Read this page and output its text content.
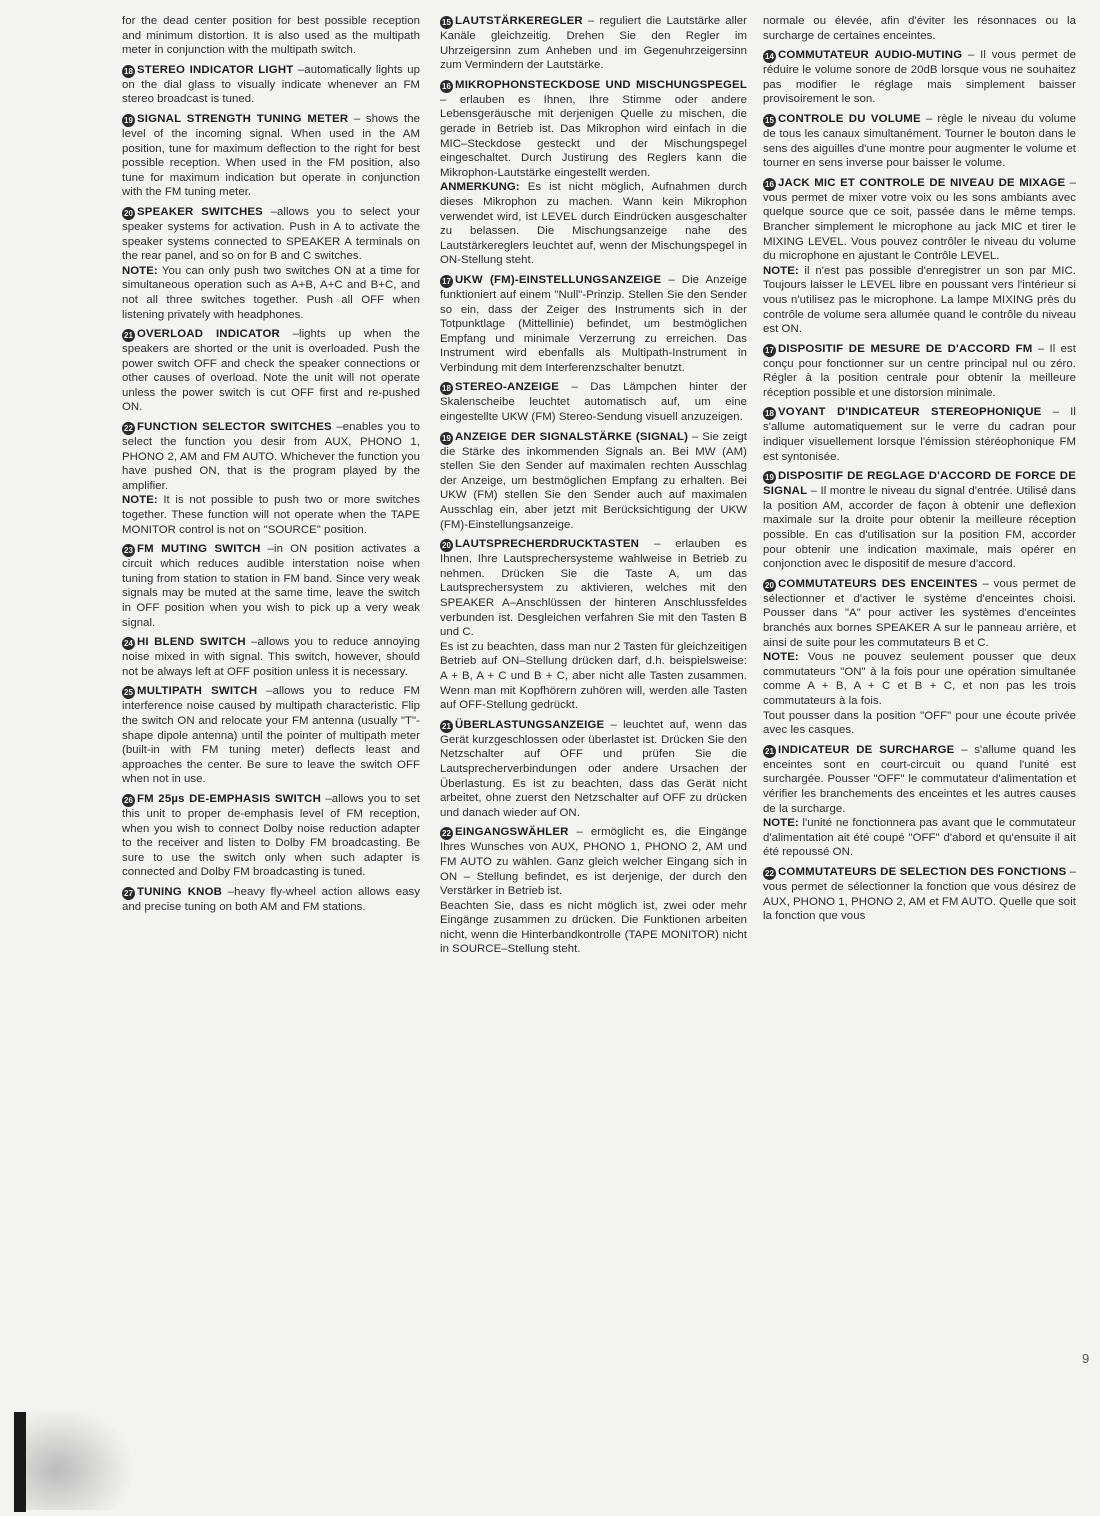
for the dead center position for best possible reception and minimum distortion. It is also used as the multipath meter in conjunction with the multipath switch.

18 STEREO INDICATOR LIGHT –automatically lights up on the dial glass to visually indicate whenever an FM stereo broadcast is tuned.

19 SIGNAL STRENGTH TUNING METER – shows the level of the incoming signal. When used in the AM position, tune for maximum deflection to the right for best possible reception. When used in the FM position, also tune for maximum indication but operate in conjunction with the FM tuning meter.

20 SPEAKER SWITCHES –allows you to select your speaker systems for activation. Push in A to activate the speaker systems connected to SPEAKER A terminals on the rear panel, and so on for B and C switches.

NOTE: You can only push two switches ON at a time for simultaneous operation such as A+B, A+C and B+C, and not all three switches together. Push all OFF when listening privately with headphones.

21 OVERLOAD INDICATOR –lights up when the speakers are shorted or the unit is overloaded. Push the power switch OFF and check the speaker connections or other causes of overload. Note the unit will not operate unless the power switch is cut OFF first and re-pushed ON.

22 FUNCTION SELECTOR SWITCHES –enables you to select the function you desir from AUX, PHONO 1, PHONO 2, AM and FM AUTO. Whichever the function you have pushed ON, that is the program played by the amplifier.

NOTE: It is not possible to push two or more switches together. These function will not operate when the TAPE MONITOR control is not on "SOURCE" position.

23 FM MUTING SWITCH –in ON position activates a circuit which reduces audible interstation noise when tuning from station to station in FM band. Since very weak signals may be muted at the same time, leave the switch in OFF position when you wish to pick up a very weak signal.

24 HI BLEND SWITCH –allows you to reduce annoying noise mixed in with signal. This switch, however, should not be always left at OFF position unless it is necessary.

25 MULTIPATH SWITCH –allows you to reduce FM interference noise caused by multipath characteristic. Flip the switch ON and relocate your FM antenna (usually "T"-shape dipole antenna) until the pointer of multipath meter (built-in with FM tuning meter) deflects least and approaches the center. Be sure to leave the switch OFF when not in use.

26 FM 25µs DE-EMPHASIS SWITCH –allows you to set this unit to proper de-emphasis level of FM reception, when you wish to connect Dolby noise reduction adapter to the receiver and listen to Dolby FM broadcasting. Be sure to use the switch only when such adapter is connected and Dolby FM broadcasting is tuned.

27 TUNING KNOB –heavy fly-wheel action allows easy and precise tuning on both AM and FM stations.

15 LAUTSTÄRKEREGLER – reguliert die Lautstärke aller Kanäle gleichzeitig. Drehen Sie den Regler im Uhrzeigersinn zum Anheben und im Gegenuhrzeigersinn zum Vermindern der Lautstärke.

16 MIKROPHONSTECKDOSE UND MISCHUNGSPEGEL – erlauben es Ihnen, Ihre Stimme oder andere Lebensgeräusche mit derjenigen Quelle zu mischen, die gerade in Betrieb ist. Das Mikrophon wird einfach in die MIC–Steckdose gesteckt und der Mischungspegel eingeschaltet. Durch Justirung des Reglers kann die Mikrophon-Lautstärke eingestellt werden.

ANMERKUNG: Es ist nicht möglich, Aufnahmen durch dieses Mikrophon zu machen. Wann kein Mikrophon verwendet wird, ist LEVEL durch Eindrücken ausgeschalter zu belassen. Die Mischungsanzeige nahe des Lautstärkereglers leuchtet auf, wenn der Mischungspegel in ON-Stellung steht.

17 UKW (FM)-EINSTELLUNGSANZEIGE – Die Anzeige funktioniert auf einem "Null"-Prinzip. Stellen Sie den Sender so ein, dass der Zeiger des Instruments sich in der Totpunktlage (Mittellinie) befindet, um bestmöglichen Empfang und minimale Verzerrung zu erreichen. Das Instrument wird ebenfalls als Multipath-Instrument in Verbindung mit dem Interferenzschalter benutzt.

18 STEREO-ANZEIGE – Das Lämpchen hinter der Skalenscheibe leuchtet automatisch auf, um eine eingestellte UKW (FM) Stereo-Sendung visuell anzuzeigen.

19 ANZEIGE DER SIGNALSTÄRKE (SIGNAL) – Sie zeigt die Stärke des inkommenden Signals an. Bei MW (AM) stellen Sie den Sender auf maximalen rechten Ausschlag der Anzeige, um bestmöglichen Empfang zu erhalten. Bei UKW (FM) stellen Sie den Sender auch auf maximalen Ausschlag ein, aber jetzt mit Berücksichtigung der UKW (FM)-Einstellungsanzeige.

20 LAUTSPRECHERDRUCKTASTEN – erlauben es Ihnen, Ihre Lautsprechersysteme wahlweise in Betrieb zu nehmen. Drücken Sie die Taste A, um das Lautsprechersystem zu aktivieren, welches mit den SPEAKER A–Anschlüssen der hinteren Anschlussfeldes verbunden ist. Desgleichen verfahren Sie mit den Tasten B und C.

Es ist zu beachten, dass man nur 2 Tasten für gleichzeitigen Betrieb auf ON–Stellung drücken darf, d.h. beispielsweise: A + B, A + C und B + C, aber nicht alle Tasten zusammen. Wenn man mit Kopfhörern zuhören will, werden alle Tasten auf OFF-Stellung gedrückt.

21 ÜBERLASTUNGSANZEIGE – leuchtet auf, wenn das Gerät kurzgeschlossen oder überlastet ist. Drücken Sie den Netzschalter auf OFF und prüfen Sie die Lautsprecherverbindungen oder andere Ursachen der Überlastung. Es ist zu beachten, dass das Gerät nicht arbeitet, ohne zuerst den Netzschalter auf OFF zu drücken und danach wieder auf ON.

22 EINGANGSWÄHLER – ermöglicht es, die Eingänge Ihres Wunsches von AUX, PHONO 1, PHONO 2, AM und FM AUTO zu wählen. Ganz gleich welcher Eingang sich in ON – Stellung befindet, es ist derjenige, der durch den Verstärker in Betrieb ist.

Beachten Sie, dass es nicht möglich ist, zwei oder mehr Eingänge zusammen zu drücken. Die Funktionen arbeiten nicht, wenn die Hinterbandkontrolle (TAPE MONITOR) nicht in SOURCE–Stellung steht.

normale ou élevée, afin d'éviter les résonnaces ou la surcharge de certaines enceintes.

14 COMMUTATEUR AUDIO-MUTING – Il vous permet de réduire le volume sonore de 20dB lorsque vous ne souhaitez pas modifier le réglage mais simplement baisser provisoirement le son.

15 CONTROLE DU VOLUME – règle le niveau du volume de tous les canaux simultanément. Tourner le bouton dans le sens des aiguilles d'une montre pour augmenter le volume et tourner en sens inverse pour baisser le volume.

16 JACK MIC ET CONTROLE DE NIVEAU DE MIXAGE – vous permet de mixer votre voix ou les sons ambiants avec quelque source que ce soit, passée dans le même temps. Brancher simplement le microphone au jack MIC et tirer le MIXING LEVEL. Vous pouvez contrôler le niveau du volume du microphone en ajustant le Contrôle LEVEL.

NOTE: il n'est pas possible d'enregistrer un son par MIC. Toujours laisser le LEVEL libre en poussant vers l'intérieur si vous n'utilisez pas le microphone. La lampe MIXING près du contrôle de volume sera allumée quand le contrôle du niveau est ON.

17 DISPOSITIF DE MESURE DE D'ACCORD FM – Il est conçu pour fonctionner sur un centre principal nul ou zéro. Régler à la position centrale pour obtenir la meilleure réception possible et une distorsion minimale.

18 VOYANT D'INDICATEUR STEREOPHONIQUE – Il s'allume automatiquement sur le verre du cadran pour indiquer visuellement lorsque l'émission stéréophonique FM est syntonisée.

19 DISPOSITIF DE REGLAGE D'ACCORD DE FORCE DE SIGNAL – Il montre le niveau du signal d'entrée. Utilisé dans la position AM, accorder de façon à obtenir une deflexion maximale sur la droite pour obtenir la meilleure réception possible. En cas d'utilisation sur la position FM, accorder pour obtenir une indication maximale, mais opérer en conjonction avec le dispositif de mesure d'accord.

20 COMMUTATEURS DES ENCEINTES – vous permet de sélectionner et d'activer le système d'enceintes choisi. Pousser dans "A" pour activer les systèmes d'enceintes branchés aux bornes SPEAKER A sur le panneau arrière, et ainsi de suite pour les commutateurs B et C.

NOTE: Vous ne pouvez seulement pousser que deux commutateurs "ON" à la fois pour une opération simultanée comme A + B, A + C et B + C, et non pas les trois commutateurs à la fois.

Tout pousser dans la position "OFF" pour une écoute privée avec les casques.

21 INDICATEUR DE SURCHARGE – s'allume quand les enceintes sont en court-circuit ou quand l'unité est surchargée. Pousser "OFF" le commutateur d'alimentation et vérifier les branchements des enceintes et les autres causes de la surcharge.

NOTE: l'unité ne fonctionnera pas avant que le commutateur d'alimentation ait été coupé "OFF" d'abord et qu'ensuite il ait été repoussé ON.

22 COMMUTATEURS DE SELECTION DES FONCTIONS – vous permet de sélectionner la fonction que vous désirez de AUX, PHONO 1, PHONO 2, AM et FM AUTO. Quelle que soit la fonction que vous

9
